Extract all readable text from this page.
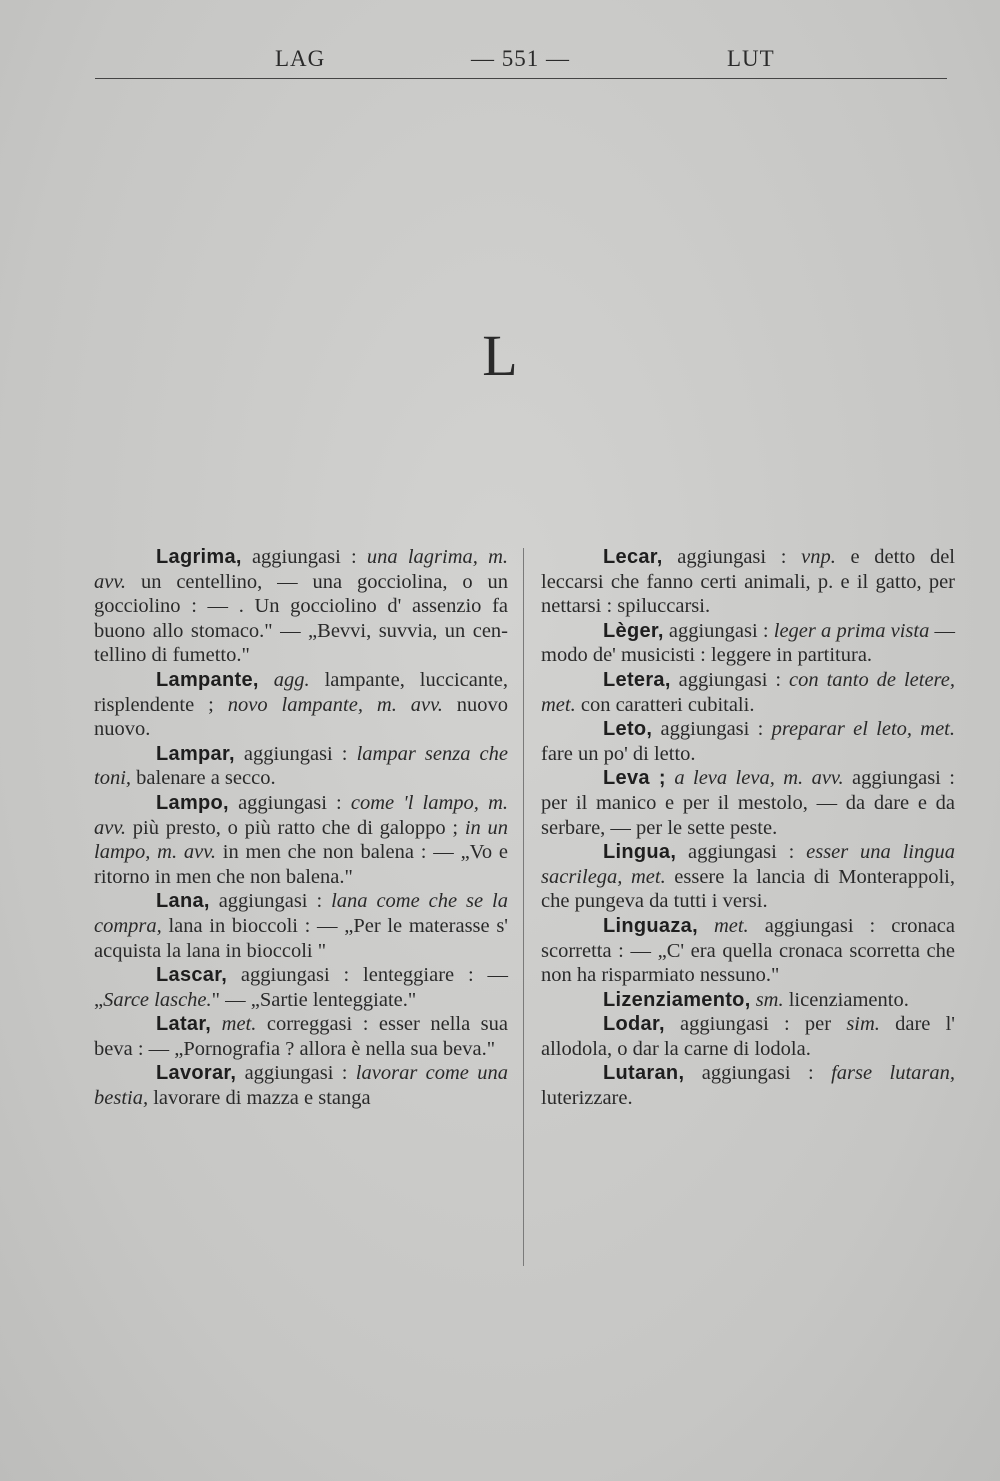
LAG	— 551 —	LUT
L

Lagrima, aggiungasi : una lagrima, m. avv. un centellino, — una gocciolina, o un gocciolino : — . Un gocciolino d' assenzio fa buono allo stomaco." — „Bevvi, suvvia, un centellino di fumetto."

Lampante, agg. lampante, luccicante, risplendente ; novo lampante, m. avv. nuovo nuovo.

Lampar, aggiungasi : lampar senza che toni, balenare a secco.

Lampo, aggiungasi : come 'l lampo, m. avv. più presto, o più ratto che di galoppo ; in un lampo, m. avv. in men che non balena : — „Vo e ritorno in men che non balena."

Lana, aggiungasi : lana come che se la compra, lana in bioccoli : — „Per le materasse s' acquista la lana in bioccoli "

Lascar, aggiungasi : lenteggiare : — „Sarce lasche." — „Sartie lenteggiate."

Latar, met. correggasi : esser nella sua beva : — „Pornografia ? allora è nella sua beva."

Lavorar, aggiungasi : lavorar come una bestia, lavorare di mazza e stanga

Lecar, aggiungasi : vnp. e detto del leccarsi che fanno certi animali, p. e il gatto, per nettarsi : spiluccarsi.

Lèger, aggiungasi : leger a prima vista — modo de' musicisti : leggere in partitura.

Letera, aggiungasi : con tanto de letere, met. con caratteri cubitali.

Leto, aggiungasi : preparar el leto, met. fare un po' di letto.

Leva ; a leva leva, m. avv. aggiungasi : per il manico e per il mestolo, — da dare e da serbare, — per le sette peste.

Lingua, aggiungasi : esser una lingua sacrilega, met. essere la lancia di Monterappoli, che pungeva da tutti i versi.

Linguaza, met. aggiungasi : cronaca scorretta : — „C' era quella cronaca scorretta che non ha risparmiato nessuno."

Lizenziamento, sm. licenziamento.

Lodar, aggiungasi : per sim. dare l' allodola, o dar la carne di lodola.

Lutaran, aggiungasi : farse lutaran, luterizzare.
